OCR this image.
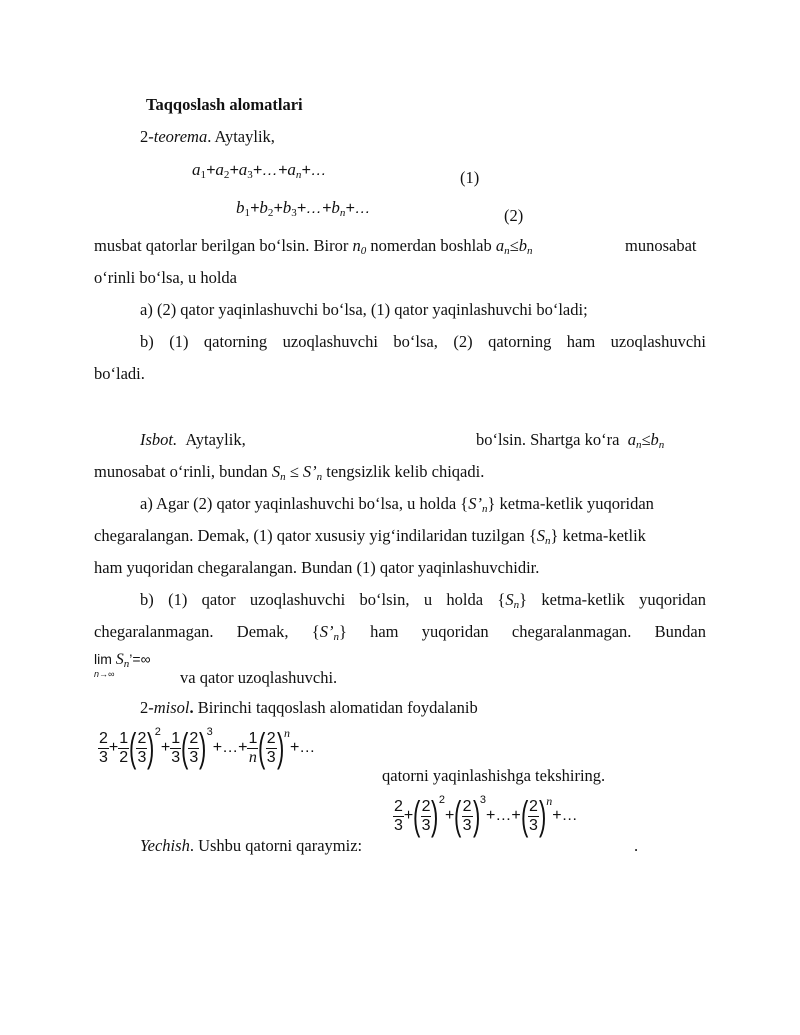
Taqqoslash alomatlari
2-teorema. Aytaylik,
$a_1+a_2+a_3+\dots+a_n+\dots$	(1)
$b_1+b_2+b_3+\dots+b_n+\dots$	(2)
musbat qatorlar berilgan bo‘lsin. Biror $n_0$ nomerdan boshlab $a_n\le b_n$	munosabat
o‘rinli bo‘lsa, u holda
a) (2) qator yaqinlashuvchi bo‘lsa, (1) qator yaqinlashuvchi bo‘ladi;
b) (1) qatorning uzoqlashuvchi bo‘lsa, (2) qatorning ham uzoqlashuvchi
bo‘ladi.
Isbot. Aytaylik,	bo‘lsin. Shartga ko‘ra $a_n\le b_n$
munosabat o‘rinli, bundan $S_n$ ≤ $S’_n$ tengsizlik kelib chiqadi.
a) Agar (2) qator yaqinlashuvchi bo‘lsa, u holda $\{S’_n\}$ ketma-ketlik yuqoridan
chegaralangan. Demak, (1) qator xususiy yig‘indilaridan tuzilgan $\{S_n\}$ ketma-ketlik
ham yuqoridan chegaralangan. Bundan (1) qator yaqinlashuvchidir.
b) (1) qator uzoqlashuvchi bo‘lsin, u holda $\{S_n\}$ ketma-ketlik yuqoridan
chegaralanmagan. Demak, $\{S’_n\}$ ham yuqoridan chegaralanmagan. Bundan
$\lim S_n’=\infty$
n→∞	va qator uzoqlashuvchi.
2-misol. Birinchi taqqoslash alomatidan foydalanib
$\frac{2}{3} + \frac{1}{2}$ ( $\frac{2}{3} )^2+ \frac{1}{3}$ ( $\frac{2}{3}$ )$^3$+…+ $\frac{1}{n}$ ( $\frac{2}{3}$ )$^n$+…
qatorni yaqinlashishga tekshiring.
Yechish. Ushbu qatorni qaraymiz:
$\frac{2}{3}$ +( $\frac{2}{3} )^2+( \frac{2}{3}$ )$^3+\dots+( \frac{2}{3}$ )$^n$+…
.
